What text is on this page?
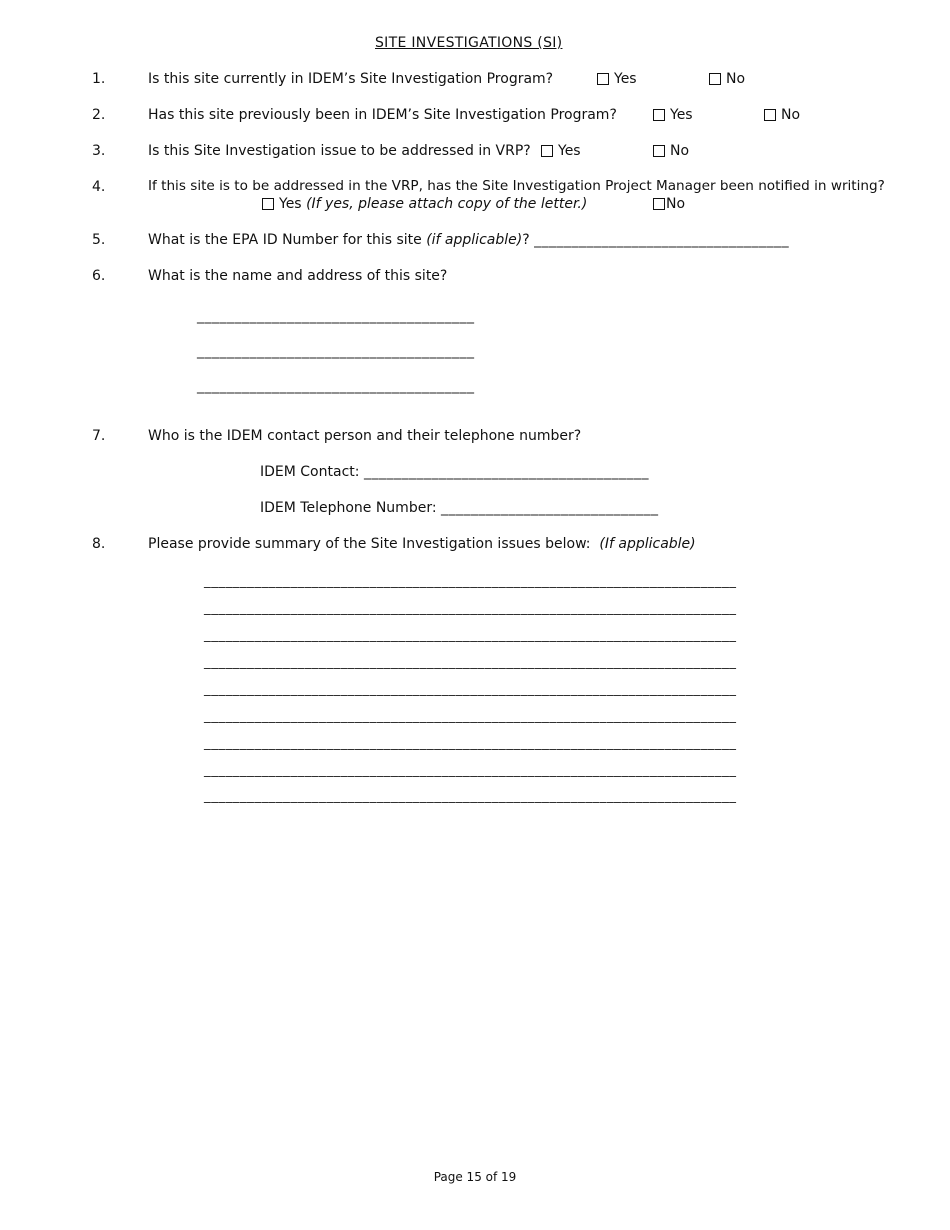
SITE INVESTIGATIONS (SI)
1.	Is this site currently in IDEM’s Site Investigation Program?	Yes	No
2.	Has this site previously been in IDEM’s Site Investigation Program?	Yes	No
3.	Is this Site Investigation issue to be addressed in VRP?	Yes	No
4.	If this site is to be addressed in the VRP, has the Site Investigation Project Manager been notified in writing?
Yes (If yes, please attach copy of the letter.)	No
5.	What is the EPA ID Number for this site (if applicable)? __________________________________
6.	What is the name and address of this site?
_____________________________________
_____________________________________
_____________________________________
7.	Who is the IDEM contact person and their telephone number?
IDEM Contact: ______________________________________
IDEM Telephone Number: _____________________________
8.	Please provide summary of the Site Investigation issues below: (If applicable)
__________________________________________________________________________
__________________________________________________________________________
__________________________________________________________________________
__________________________________________________________________________
__________________________________________________________________________
__________________________________________________________________________
__________________________________________________________________________
__________________________________________________________________________
__________________________________________________________________________
Page 15 of 19
